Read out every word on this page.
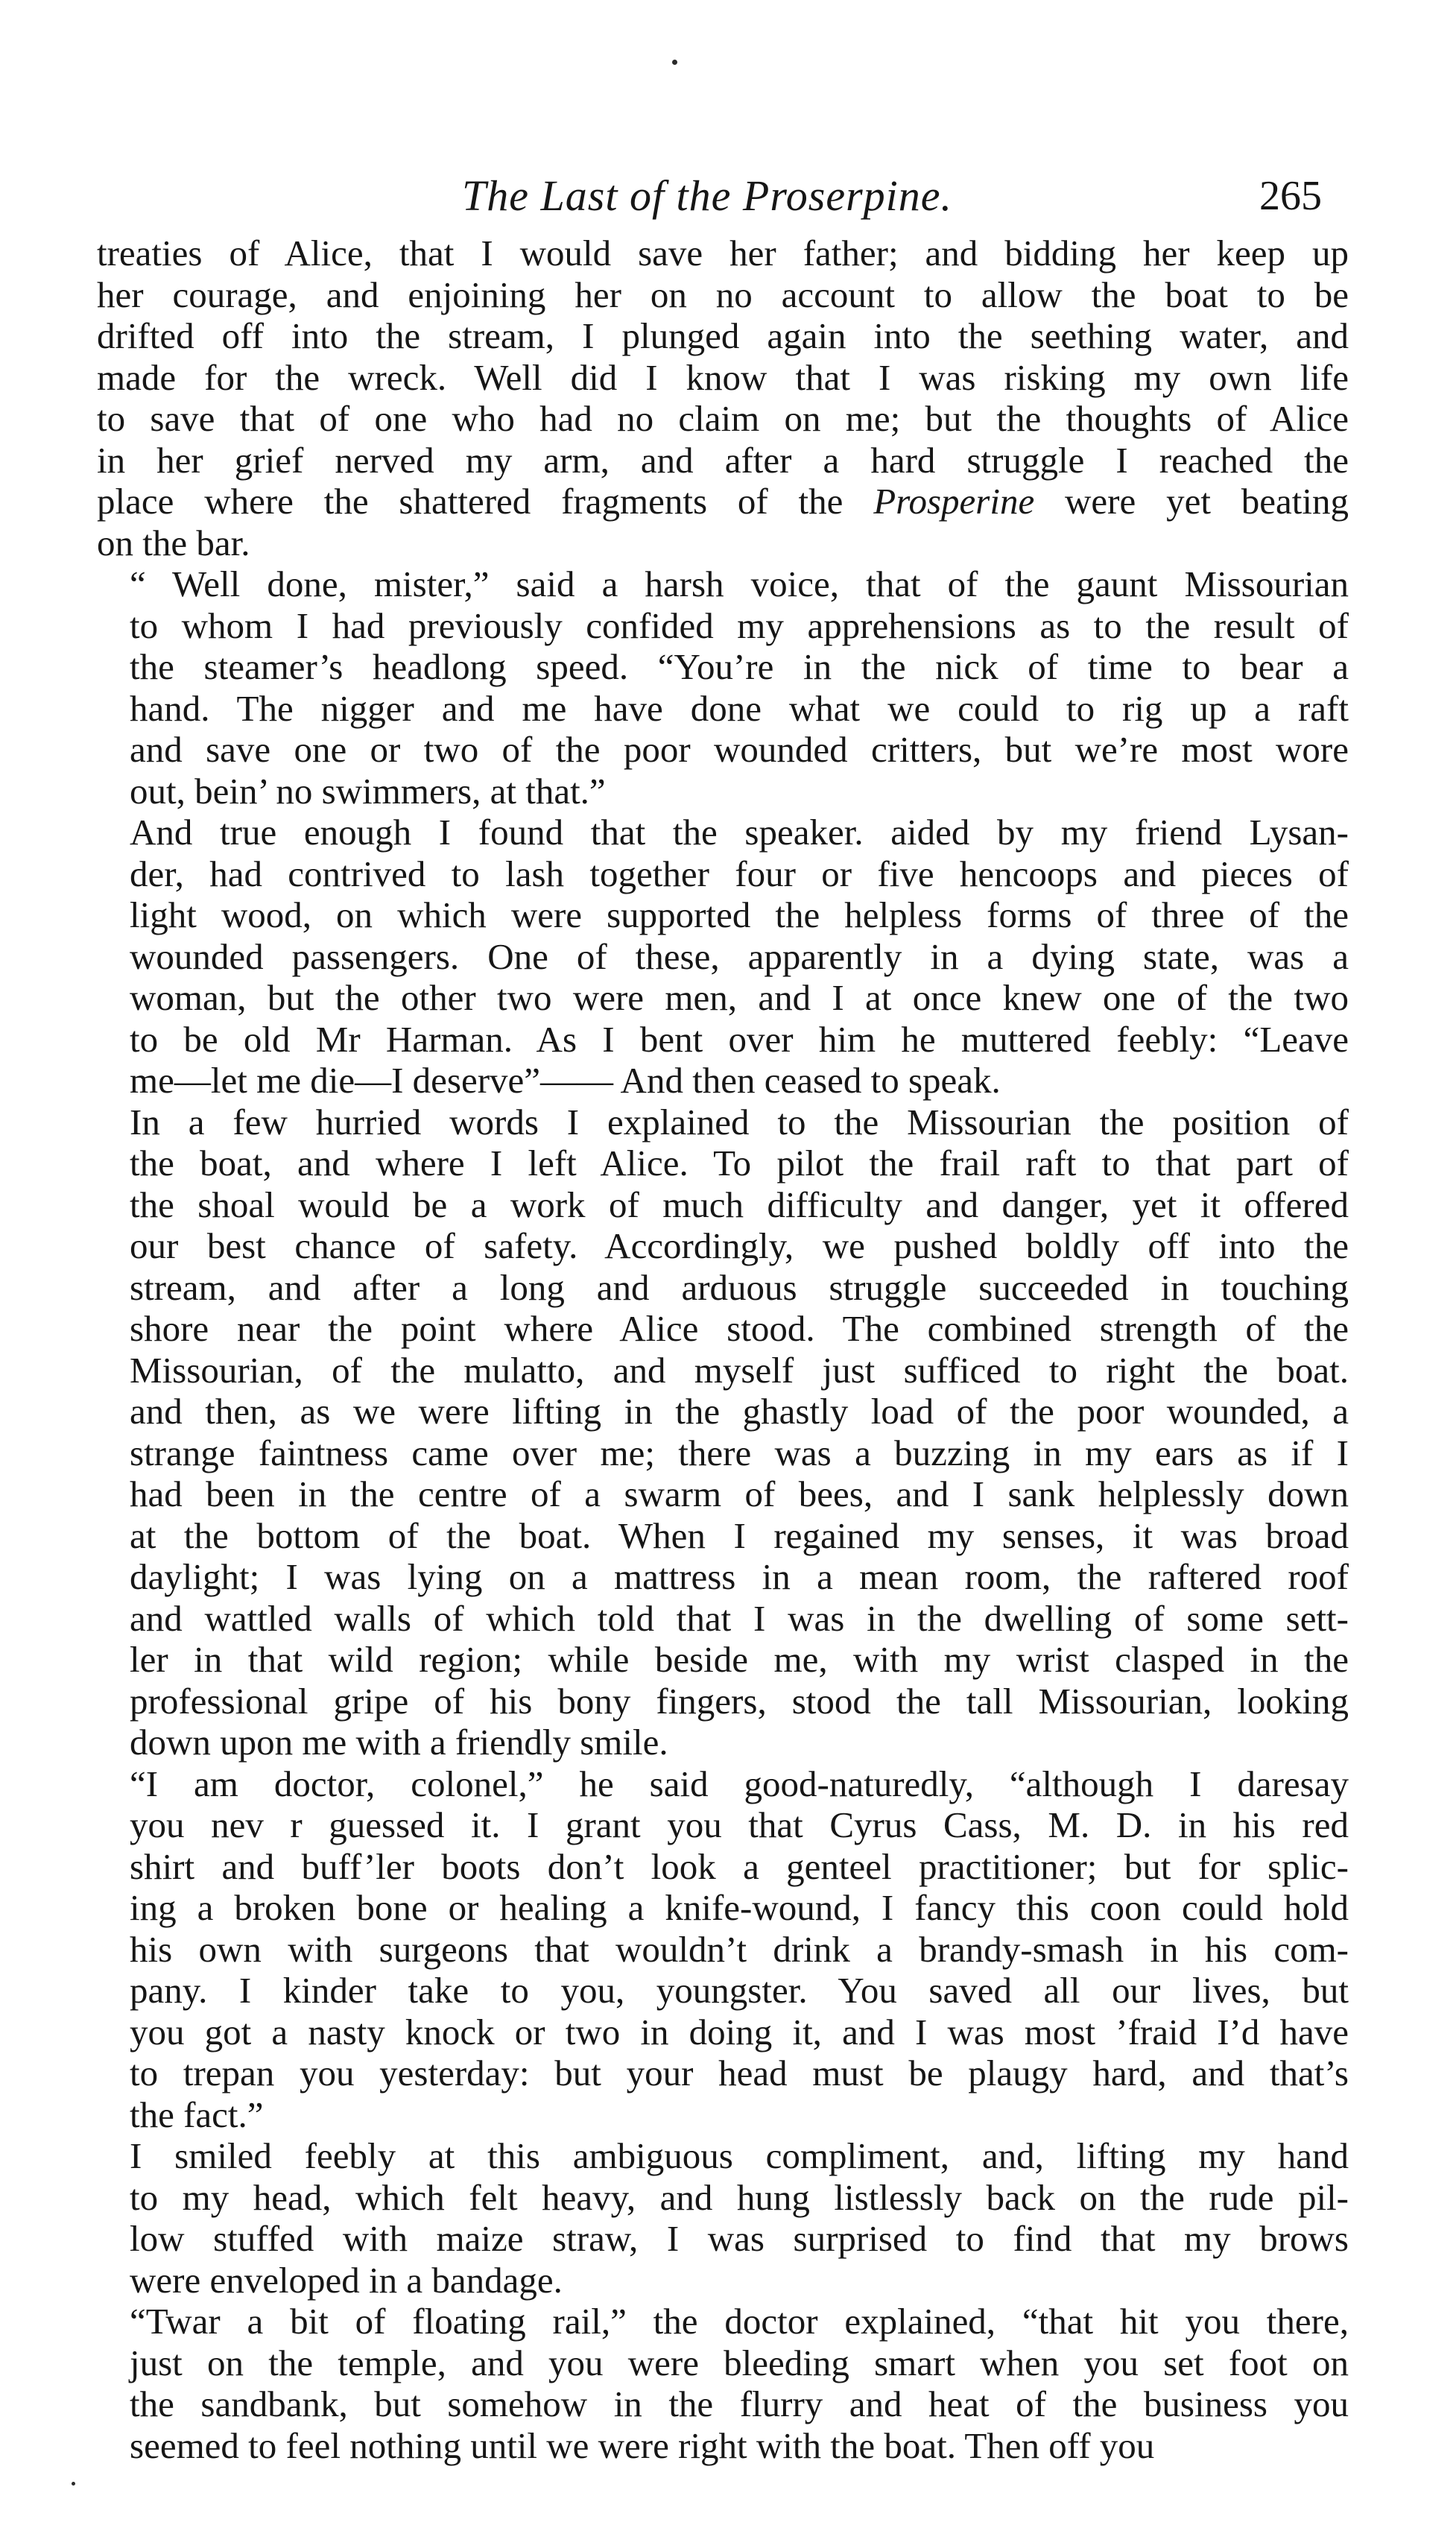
The Last of the Proserpine.	265

treaties of Alice, that I would save her father; and bidding her keep up
her courage, and enjoining her on no account to allow the boat to be
drifted off into the stream, I plunged again into the seething water, and
made for the wreck. Well did I know that I was risking my own life
to save that of one who had no claim on me; but the thoughts of Alice
in her grief nerved my arm, and after a hard struggle I reached the
place where the shattered fragments of the Prosperine were yet beating
on the bar.

“ Well done, mister,” said a harsh voice, that of the gaunt Missourian
to whom I had previously confided my apprehensions as to the result of
the steamer’s headlong speed. “You’re in the nick of time to bear a
hand. The nigger and me have done what we could to rig up a raft
and save one or two of the poor wounded critters, but we’re most wore
out, bein’ no swimmers, at that.”

And true enough I found that the speaker. aided by my friend Lysan-
der, had contrived to lash together four or five hencoops and pieces of
light wood, on which were supported the helpless forms of three of the
wounded passengers. One of these, apparently in a dying state, was a
woman, but the other two were men, and I at once knew one of the two
to be old Mr Harman. As I bent over him he muttered feebly: “Leave
me—let me die—I deserve”—— And then ceased to speak.

In a few hurried words I explained to the Missourian the position of
the boat, and where I left Alice. To pilot the frail raft to that part of
the shoal would be a work of much difficulty and danger, yet it offered
our best chance of safety. Accordingly, we pushed boldly off into the
stream, and after a long and arduous struggle succeeded in touching
shore near the point where Alice stood. The combined strength of the
Missourian, of the mulatto, and myself just sufficed to right the boat.
and then, as we were lifting in the ghastly load of the poor wounded, a
strange faintness came over me; there was a buzzing in my ears as if I
had been in the centre of a swarm of bees, and I sank helplessly down
at the bottom of the boat. When I regained my senses, it was broad
daylight; I was lying on a mattress in a mean room, the raftered roof
and wattled walls of which told that I was in the dwelling of some sett-
ler in that wild region; while beside me, with my wrist clasped in the
professional gripe of his bony fingers, stood the tall Missourian, looking
down upon me with a friendly smile.

“I am doctor, colonel,” he said good-naturedly, “although I daresay
you nev r guessed it. I grant you that Cyrus Cass, M. D. in his red
shirt and buff’ler boots don’t look a genteel practitioner; but for splic-
ing a broken bone or healing a knife-wound, I fancy this coon could hold
his own with surgeons that wouldn’t drink a brandy-smash in his com-
pany. I kinder take to you, youngster. You saved all our lives, but
you got a nasty knock or two in doing it, and I was most ’fraid I’d have
to trepan you yesterday: but your head must be plaugy hard, and that’s
the fact.”

I smiled feebly at this ambiguous compliment, and, lifting my hand
to my head, which felt heavy, and hung listlessly back on the rude pil-
low stuffed with maize straw, I was surprised to find that my brows
were enveloped in a bandage.

“Twar a bit of floating rail,” the doctor explained, “that hit you there,
just on the temple, and you were bleeding smart when you set foot on
the sandbank, but somehow in the flurry and heat of the business you
seemed to feel nothing until we were right with the boat. Then off you
